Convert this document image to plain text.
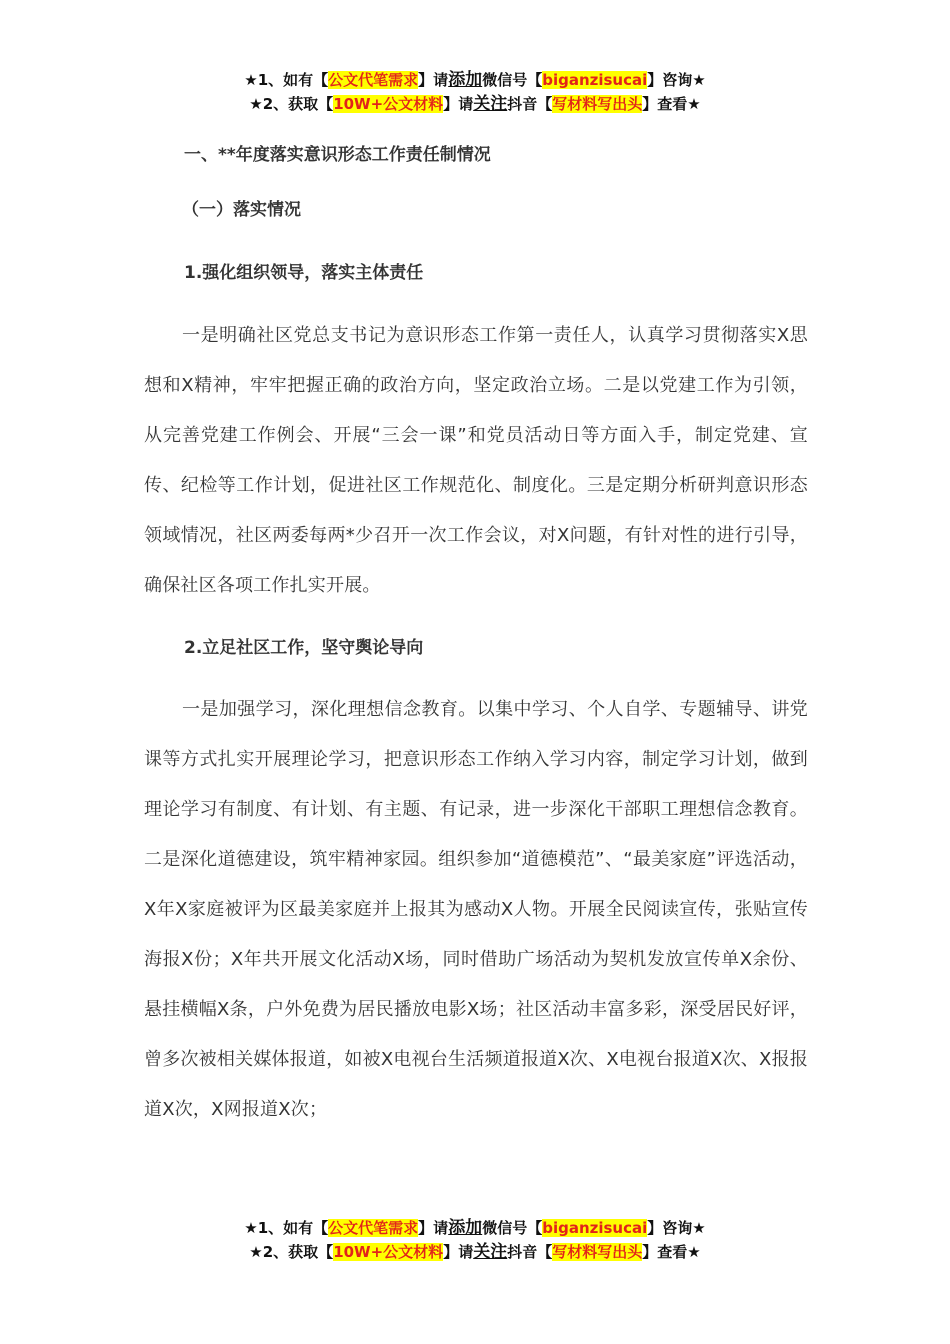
★1、如有【公文代笔需求】请添加微信号【biganzisucai】咨询★
★2、获取【10W+公文材料】请关注抖音【写材料写出头】查看★

一、**年度落实意识形态工作责任制情况

（一）落实情况

1.强化组织领导，落实主体责任

一是明确社区党总支书记为意识形态工作第一责任人，认真学习贯彻落实X思想和X精神，牢牢把握正确的政治方向，坚定政治立场。二是以党建工作为引领，从完善党建工作例会、开展“三会一课”和党员活动日等方面入手，制定党建、宣传、纪检等工作计划，促进社区工作规范化、制度化。三是定期分析研判意识形态领域情况，社区两委每两*少召开一次工作会议，对X问题，有针对性的进行引导，确保社区各项工作扎实开展。

2.立足社区工作，坚守舆论导向

一是加强学习，深化理想信念教育。以集中学习、个人自学、专题辅导、讲党课等方式扎实开展理论学习，把意识形态工作纳入学习内容，制定学习计划，做到理论学习有制度、有计划、有主题、有记录，进一步深化干部职工理想信念教育。二是深化道德建设，筑牢精神家园。组织参加“道德模范”、“最美家庭”评选活动，X年X家庭被评为区最美家庭并上报其为感动X人物。开展全民阅读宣传，张贴宣传海报X份；X年共开展文化活动X场，同时借助广场活动为契机发放宣传单X余份、悬挂横幅X条，户外免费为居民播放电影X场；社区活动丰富多彩，深受居民好评，曾多次被相关媒体报道，如被X电视台生活频道报道X次、X电视台报道X次、X报报道X次，X网报道X次；

★1、如有【公文代笔需求】请添加微信号【biganzisucai】咨询★
★2、获取【10W+公文材料】请关注抖音【写材料写出头】查看★
